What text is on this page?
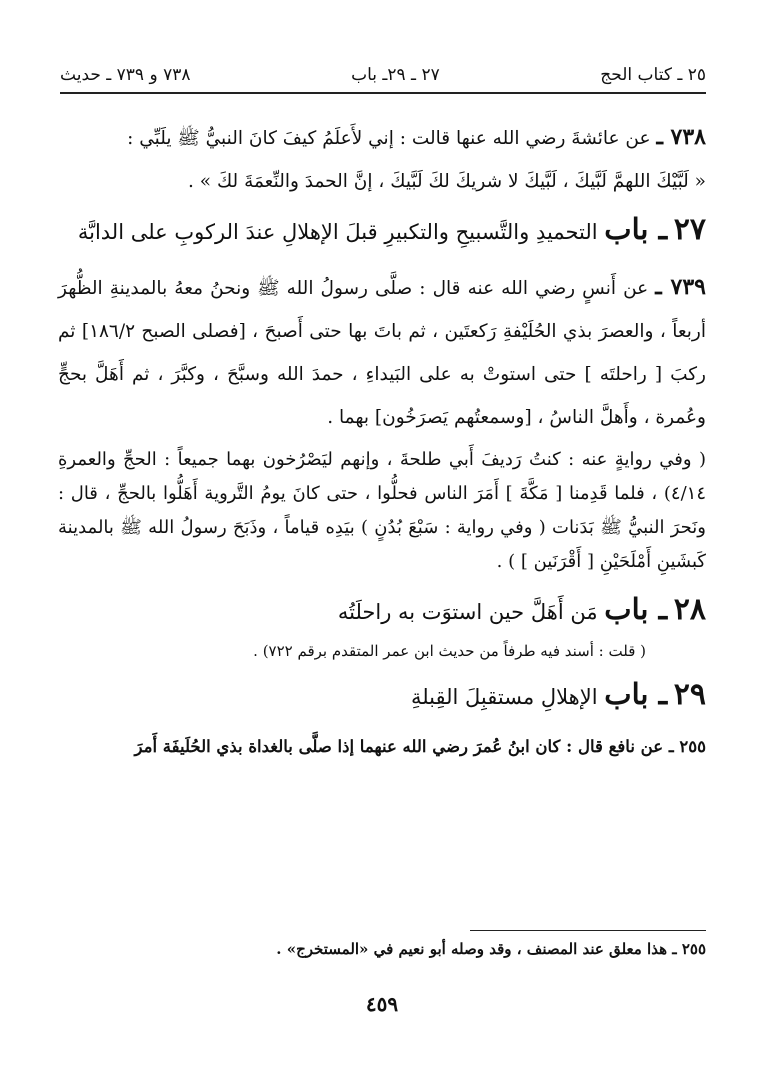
٢٥ ـ كتاب الحج
٢٧ ـ ٢٩ـ باب
٧٣٨ و ٧٣٩ ـ حديث

٧٣٨ ـ عن عائشةَ رضي الله عنها قالت : إني لأَعلَمُ كيفَ كانَ النبيُّ ﷺ يلَبِّي :

« لَبَّيْكَ اللهمَّ لَبَّيكَ ، لَبَّيكَ لا شريكَ لكَ لَبَّيكَ ، إنَّ الحمدَ والنِّعمَةَ لكَ » .

٢٧ ـ باب التحميدِ والتَّسبيحِ والتكبيرِ قبلَ الإهلالِ عندَ الركوبِ على الدابَّة

٧٣٩ ـ عن أَنسٍ رضي الله عنه قال : صلَّى رسولُ الله ﷺ ونحنُ معهُ بالمدينةِ الظُّهرَ أربعاً ، والعصرَ بذي الحُلَيْفةِ رَكعتَين ، ثم باتَ بها حتى أَصبحَ ، [فصلى الصبح ١٨٦/٢] ثم ركبَ [ راحلتَه ] حتى استوتْ به على البَيداءِ ، حمدَ الله وسبَّحَ ، وكبَّرَ ، ثم أَهَلَّ بحجٍّ وعُمرة ، وأَهلَّ الناسُ ، [وسمعتُهم يَصرَخُون] بهما .

( وفي روايةٍ عنه : كنتُ رَديفَ أَبي طلحةَ ، وإنهم ليَصْرُخون بهما جميعاً : الحجِّ والعمرةِ ٤/١٤) ، فلما قَدِمنا [ مَكَّةَ ] أَمَرَ الناس فحلُّوا ، حتى كانَ يومُ التَّروية أَهَلُّوا بالحجِّ ، قال : ونَحرَ النبيُّ ﷺ بَدَنات ( وفي رواية : سَبْعَ بُدُنٍ ) بيَدِه قياماً ، وذَبَحَ رسولُ الله ﷺ بالمدينة كَبشَينِ أَمْلَحَيْنِ [ أَقْرَنَين ] ) .

٢٨ ـ باب مَن أَهَلَّ حين استوَت به راحلَتُه

( قلت : أسند فيه طرفاً من حديث ابن عمر المتقدم برقم ٧٢٢) .

٢٩ ـ باب الإهلالِ مستقبِلَ القِبلةِ

٢٥٥ ـ عن نافع قال : كان ابنُ عُمرَ رضي الله عنهما إذا صلَّى بالغداة بذي الحُلَيفَة أَمرَ

٢٥٥ ـ هذا معلق عند المصنف ، وقد وصله أبو نعيم في «المستخرج» .
٤٥٩
